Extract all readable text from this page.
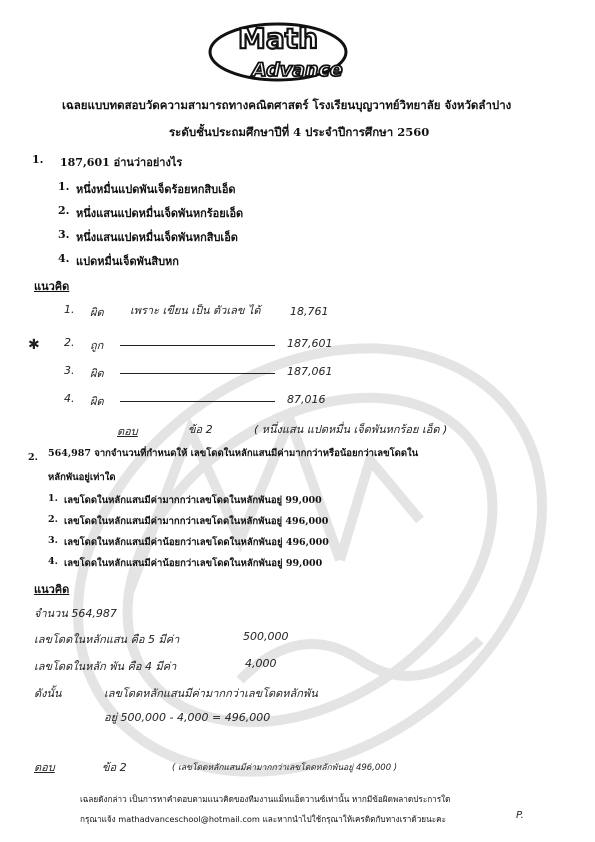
Math
Advance
เฉลยแบบทดสอบวัดความสามารถทางคณิตศาสตร์ โรงเรียนบุญวาทย์วิทยาลัย จังหวัดลำปาง
ระดับชั้นประถมศึกษาปีที่ 4 ประจำปีการศึกษา 2560
1. 187,601 อ่านว่าอย่างไร
1. หนึ่งหมื่นแปดพันเจ็ดร้อยหกสิบเอ็ด
2. หนึ่งแสนแปดหมื่นเจ็ดพันหกร้อยเอ็ด
3. หนึ่งแสนแปดหมื่นเจ็ดพันหกสิบเอ็ด
4. แปดหมื่นเจ็ดพันสิบหก
แนวคิด
✱
1. ผิด เพราะ เขียน เป็น ตัวเลข ได้	18,761
2. ถูก	187,601
3. ผิด	187,061
4. ผิด	87,016
ตอบ	ข้อ 2	( หนึ่งแสน แปดหมื่น เจ็ดพันหกร้อย เอ็ด )
2. 564,987 จากจำนวนที่กำหนดให้ เลขโดดในหลักแสนมีค่ามากกว่าหรือน้อยกว่าเลขโดดใน
หลักพันอยู่เท่าใด
1. เลขโดดในหลักแสนมีค่ามากกว่าเลขโดดในหลักพันอยู่ 99,000
2. เลขโดดในหลักแสนมีค่ามากกว่าเลขโดดในหลักพันอยู่ 496,000
3. เลขโดดในหลักแสนมีค่าน้อยกว่าเลขโดดในหลักพันอยู่ 496,000
4. เลขโดดในหลักแสนมีค่าน้อยกว่าเลขโดดในหลักพันอยู่ 99,000
แนวคิด
จำนวน 564,987
เลขโดดในหลักแสน คือ 5 มีค่า	500,000
เลขโดดในหลัก พัน คือ 4 มีค่า	4,000
ดังนั้น	เลขโดดหลักแสนมีค่ามากกว่าเลขโดดหลักพัน
อยู่ 500,000 - 4,000 = 496,000
ตอบ	ข้อ 2	( เลขโดดหลักแสนมีค่ามากกว่าเลขโดดหลักพันอยู่ 496,000 )
เฉลยดังกล่าว เป็นการหาคำตอบตามแนวคิดของทีมงานแม็ทแอ็ดวานซ์เท่านั้น หากมีข้อผิดพลาดประการใด
กรุณาแจ้ง mathadvanceschool@hotmail.com และหากนำไปใช้กรุณาให้เครดิตกับทางเราด้วยนะคะ	P.
